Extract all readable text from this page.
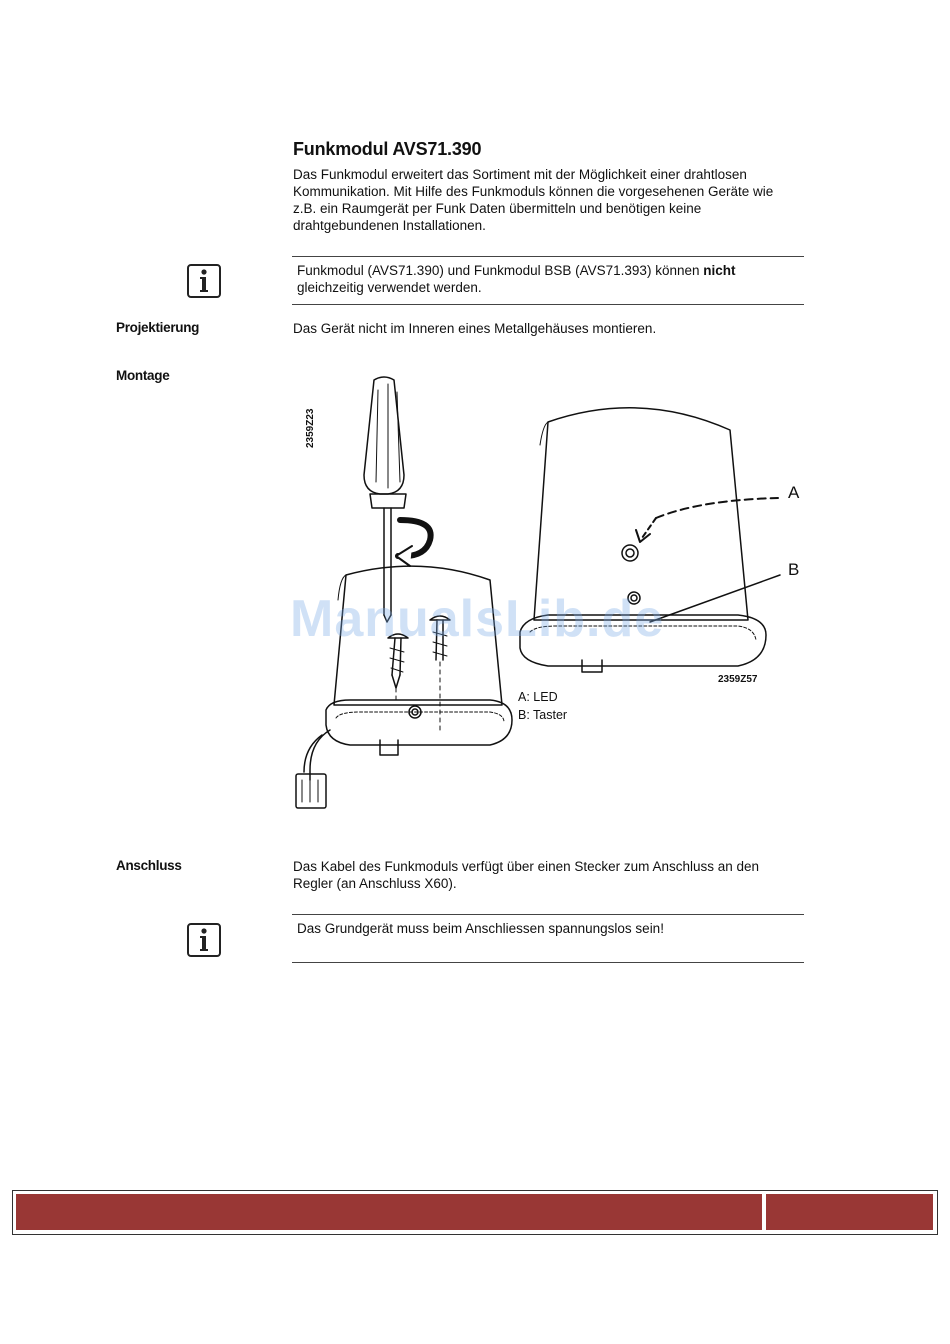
Funkmodul AVS71.390
Das Funkmodul erweitert das Sortiment mit der Möglichkeit einer drahtlosen Kommunikation. Mit Hilfe des Funkmoduls können die vorgesehenen Geräte wie z.B. ein Raumgerät per Funk Daten übermitteln und benötigen keine drahtgebundenen Installationen.
Funkmodul (AVS71.390) und Funkmodul BSB (AVS71.393) können nicht gleichzeitig verwendet werden.
Projektierung	Das Gerät nicht im Inneren eines Metallgehäuses montieren.
Montage
2359Z23
A
B
2359Z57
A: LED
B: Taster
ManualsLib.de
Anschluss	Das Kabel des Funkmoduls verfügt über einen Stecker zum Anschluss an den Regler (an Anschluss X60).
Das Grundgerät muss beim Anschliessen spannungslos sein!
